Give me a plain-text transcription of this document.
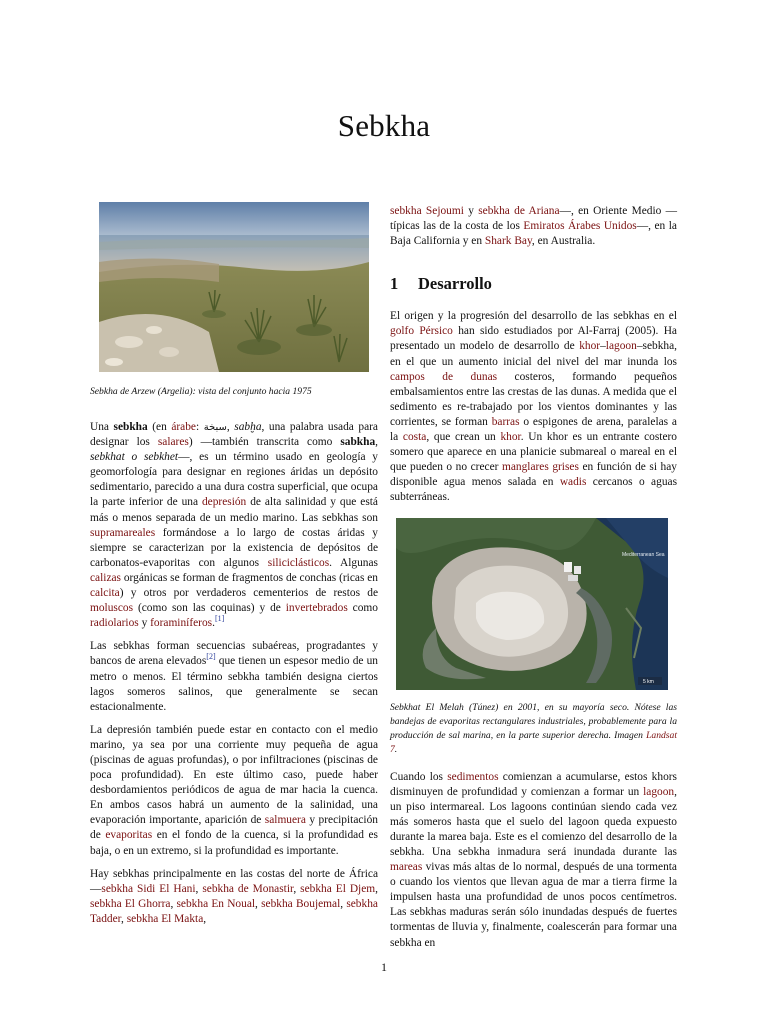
Sebkha

Sebkha de Arzew (Argelia): vista del conjunto hacia 1975

Una sebkha (en árabe: سبخة, sabḫa, una palabra usada para designar los salares) —también transcrita como sabkha, sebkhat o sebkhet—, es un término usado en geología y geomorfología para designar en regiones áridas un depósito sedimentario, parecido a una dura costra superficial, que ocupa la parte inferior de una depresión de alta salinidad y que está más o menos separada de un medio marino. Las sebkhas son supramareales formándose a lo largo de costas áridas y siempre se caracterizan por la existencia de depósitos de carbonatos-evaporitas con algunos siliciclásticos. Algunas calizas orgánicas se forman de fragmentos de conchas (ricas en calcita) y otros por verdaderos cementerios de restos de moluscos (como son las coquinas) y de invertebrados como radiolarios y foraminíferos.[1]

Las sebkhas forman secuencias subaéreas, progradantes y bancos de arena elevados[2] que tienen un espesor medio de un metro o menos. El término sebkha también designa ciertos lagos someros salinos, que generalmente se secan estacionalmente.

La depresión también puede estar en contacto con el medio marino, ya sea por una corriente muy pequeña de agua (piscinas de aguas profundas), o por infiltraciones (piscinas de poca profundidad). En este último caso, puede haber desbordamientos periódicos de agua de mar hacia la cuenca. En ambos casos habrá un aumento de la salinidad, una evaporación importante, aparición de salmuera y precipitación de evaporitas en el fondo de la cuenca, si la profundidad es baja, o en un extremo, si la profundidad es importante.

Hay sebkhas principalmente en las costas del norte de África —sebkha Sidi El Hani, sebkha de Monastir, sebkha El Djem, sebkha El Ghorra, sebkha En Noual, sebkha Boujemal, sebkha Tadder, sebkha El Makta,

sebkha Sejoumi y sebkha de Ariana—, en Oriente Medio —típicas las de la costa de los Emiratos Árabes Unidos—, en la Baja California y en Shark Bay, en Australia.

1 Desarrollo

El origen y la progresión del desarrollo de las sebkhas en el golfo Pérsico han sido estudiados por Al-Farraj (2005). Ha presentado un modelo de desarrollo de khor–lagoon–sebkha, en el que un aumento inicial del nivel del mar inunda los campos de dunas costeros, formando pequeños embalsamientos entre las crestas de las dunas. A medida que el sedimento es re-trabajado por los vientos dominantes y las corrientes, se forman barras o espigones de arena, paralelas a la costa, que crean un khor. Un khor es un entrante costero somero que aparece en una planicie submareal o mareal en el que pueden o no crecer manglares grises en función de si hay disponible agua menos salada en wadis cercanos o aguas subterráneas.

Mediterranean Sea
5 km

Sebkhat El Melah (Túnez) en 2001, en su mayoría seco. Nótese las bandejas de evaporitas rectangulares industriales, probablemente para la producción de sal marina, en la parte superior derecha. Imagen Landsat 7.

Cuando los sedimentos comienzan a acumularse, estos khors disminuyen de profundidad y comienzan a formar un lagoon, un piso intermareal. Los lagoons continúan siendo cada vez más someros hasta que el suelo del lagoon queda expuesto durante la marea baja. Este es el comienzo del desarrollo de la sebkha. Una sebkha inmadura será inundada durante las mareas vivas más altas de lo normal, después de una tormenta o cuando los vientos que llevan agua de mar a tierra firme la impulsen hasta una profundidad de unos pocos centímetros. Las sebkhas maduras serán sólo inundadas después de fuertes tormentas de lluvia y, finalmente, coalescerán para formar una sebkha en

1
